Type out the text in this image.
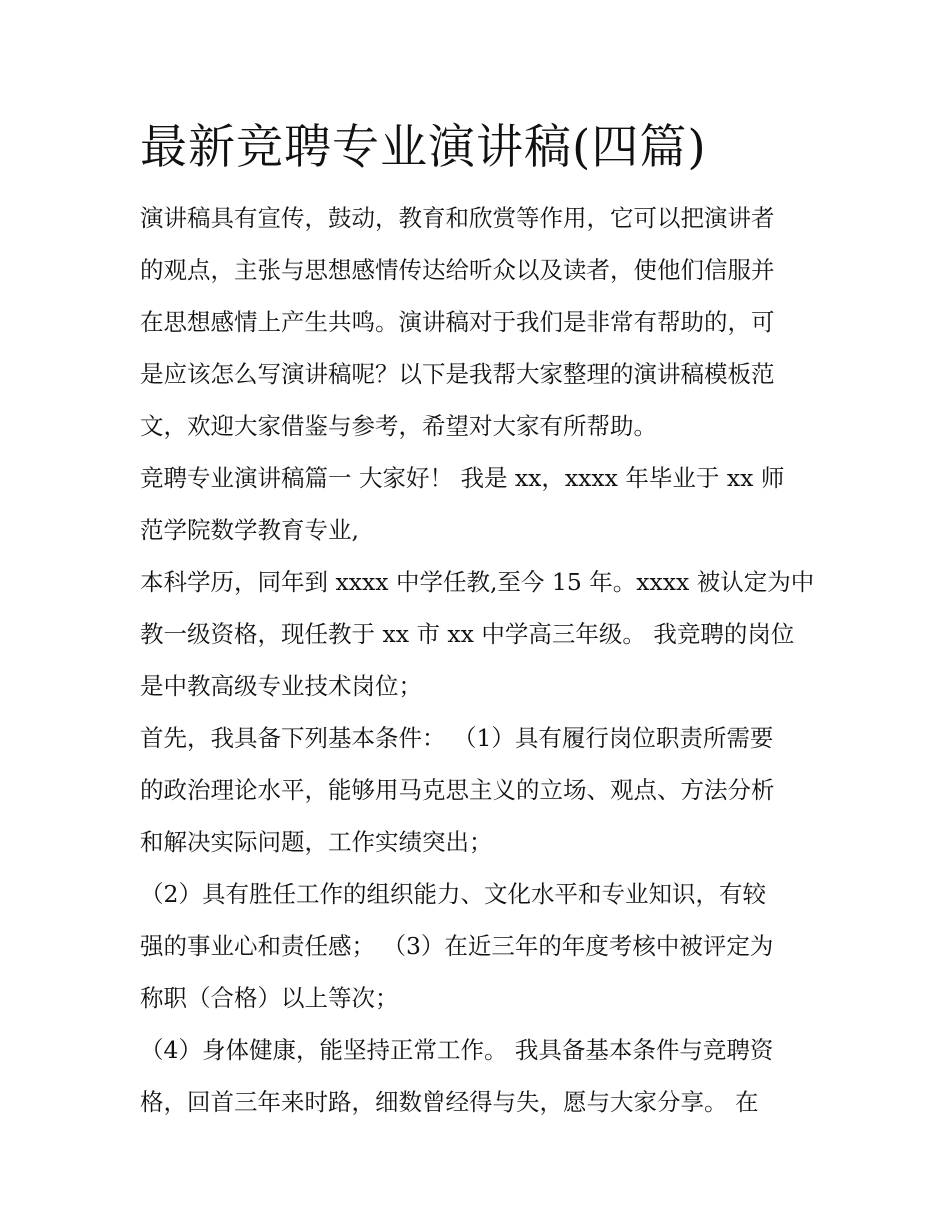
最新竞聘专业演讲稿(四篇)

演讲稿具有宣传，鼓动，教育和欣赏等作用，它可以把演讲者
的观点，主张与思想感情传达给听众以及读者，使他们信服并
在思想感情上产生共鸣。演讲稿对于我们是非常有帮助的，可
是应该怎么写演讲稿呢？以下是我帮大家整理的演讲稿模板范
文，欢迎大家借鉴与参考，希望对大家有所帮助。

竞聘专业演讲稿篇一 大家好！ 我是 xx，xxxx 年毕业于 xx 师
范学院数学教育专业,

本科学历，同年到 xxxx 中学任教,至今 15 年。xxxx 被认定为中
教一级资格，现任教于 xx 市 xx 中学高三年级。 我竞聘的岗位
是中教高级专业技术岗位；

首先，我具备下列基本条件： （1）具有履行岗位职责所需要
的政治理论水平，能够用马克思主义的立场、观点、方法分析
和解决实际问题，工作实绩突出；

（2）具有胜任工作的组织能力、文化水平和专业知识，有较
强的事业心和责任感； （3）在近三年的年度考核中被评定为
称职（合格）以上等次；

（4）身体健康，能坚持正常工作。 我具备基本条件与竞聘资
格，回首三年来时路，细数曾经得与失，愿与大家分享。 在
